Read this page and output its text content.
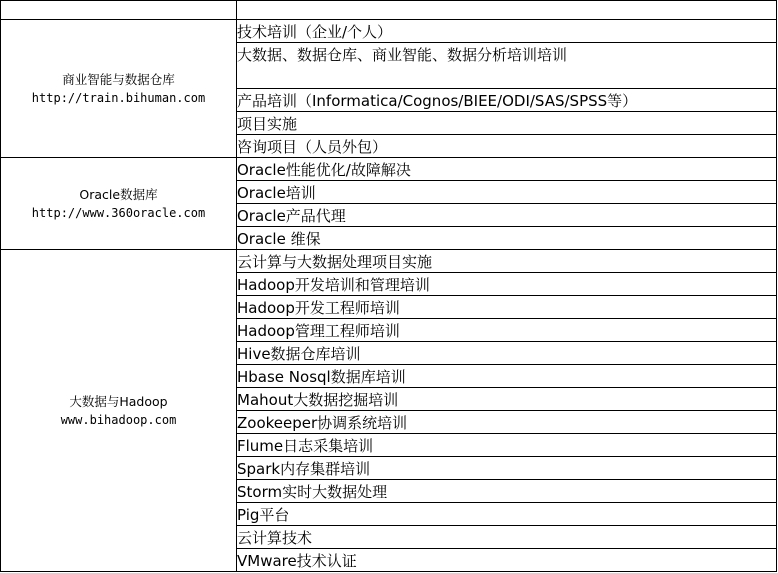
商业智能与数据仓库
http://train.bihuman.com	技术培训（企业/个人）
	大数据、数据仓库、商业智能、数据分析培训培训
	产品培训（Informatica/Cognos/BIEE/ODI/SAS/SPSS等）
	项目实施
	咨询项目（人员外包）

Oracle数据库
http://www.360oracle.com	Oracle性能优化/故障解决
	Oracle培训
	Oracle产品代理
	Oracle 维保

大数据与Hadoop
www.bihadoop.com	云计算与大数据处理项目实施
	Hadoop开发培训和管理培训
	Hadoop开发工程师培训
	Hadoop管理工程师培训
	Hive数据仓库培训
	Hbase Nosql数据库培训
	Mahout大数据挖掘培训
	Zookeeper协调系统培训
	Flume日志采集培训
	Spark内存集群培训
	Storm实时大数据处理
	Pig平台
	云计算技术
	VMware技术认证
